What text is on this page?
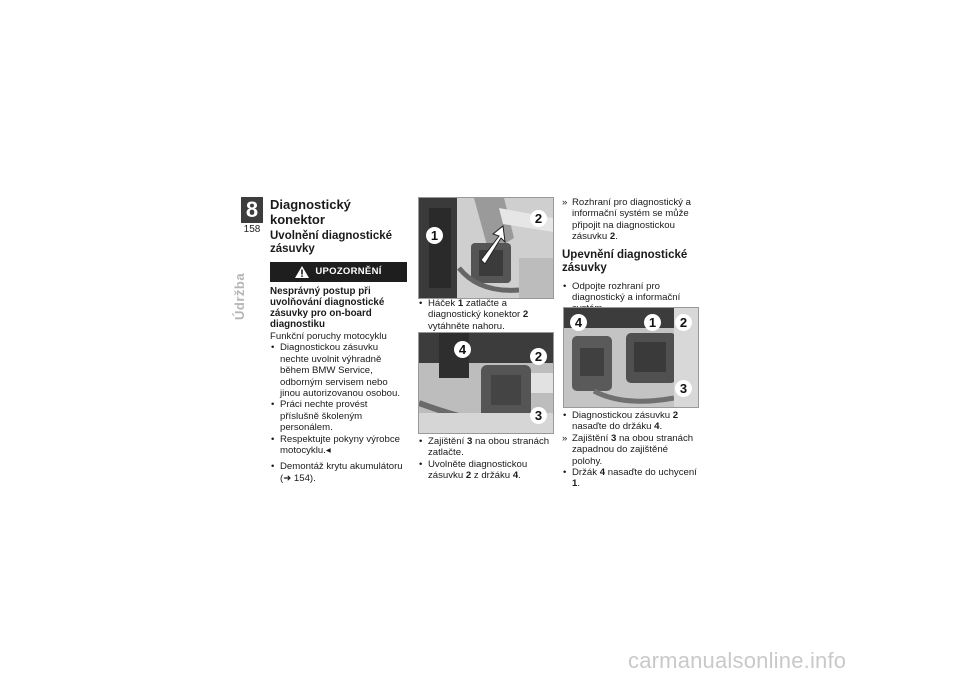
8
158
Údržba
Diagnostický konektor
Uvolnění diagnostické zásuvky
UPOZORNĚNÍ
Nesprávný postup při uvolňování diagnostické zásuvky pro on-board diagnostiku
Funkční poruchy motocyklu
• Diagnostickou zásuvku nechte uvolnit výhradně během BMW Service, odborným servisem nebo jinou autorizovanou osobou.
• Práci nechte provést příslušně školeným personálem.
• Respektujte pokyny výrobce motocyklu.◂
• Demontáž krytu akumulátoru (➜ 154).
2
1
• Háček 1 zatlačte a diagnostický konektor 2 vytáhněte nahoru.
4	2
3
• Zajištění 3 na obou stranách zatlačte.
• Uvolněte diagnostickou zásuvku 2 z držáku 4.
» Rozhraní pro diagnostický a informační systém se může připojit na diagnostickou zásuvku 2.
Upevnění diagnostické zásuvky
• Odpojte rozhraní pro diagnostický a informační
4	1	2
3
• Diagnostickou zásuvku 2 nasaďte do držáku 4.
» Zajištění 3 na obou stranách zapadnou do zajištěné polohy.
• Držák 4 nasaďte do uchycení 1.
carmanualsonline.info
